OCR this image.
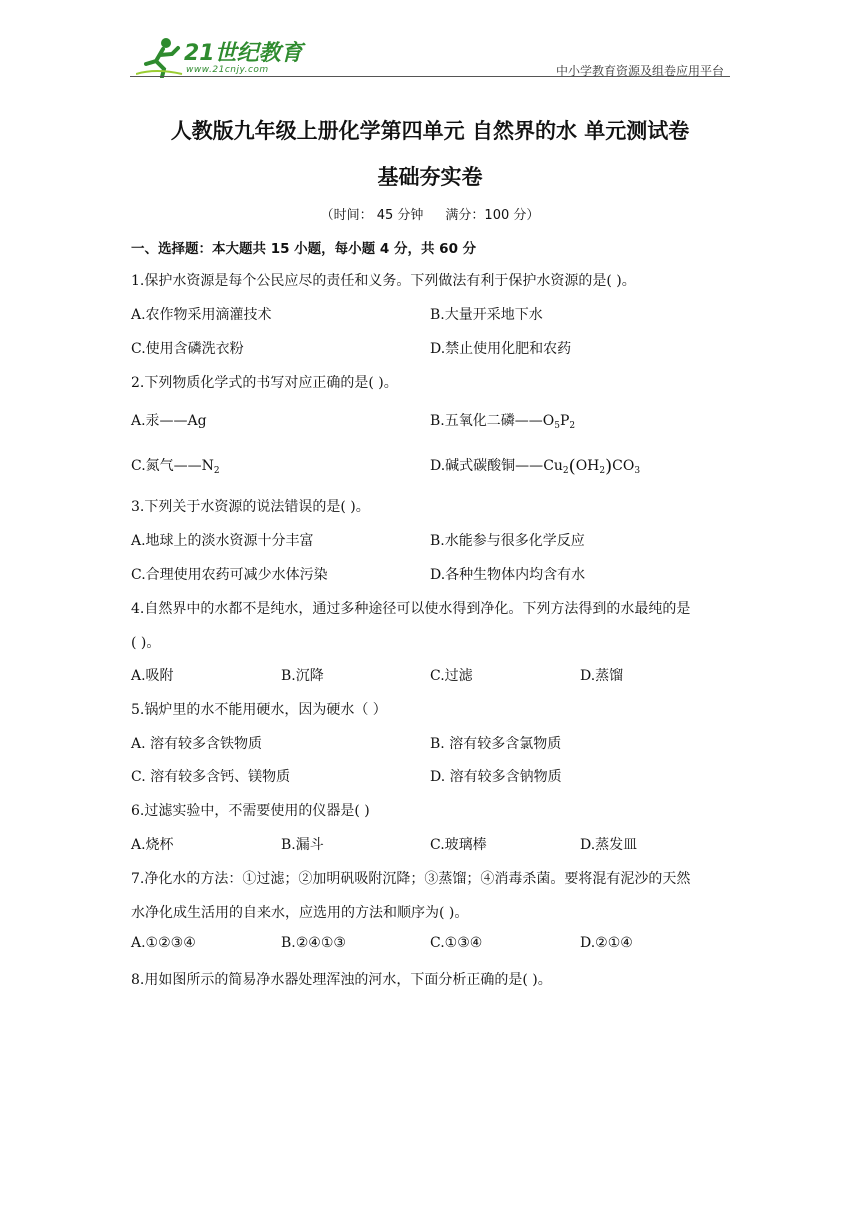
21世纪教育
www.21cnjy.com	中小学教育资源及组卷应用平台
人教版九年级上册化学第四单元 自然界的水 单元测试卷
基础夯实卷
（时间： 45 分钟 满分：100 分）
一、选择题：本大题共 15 小题，每小题 4 分，共 60 分
1.保护水资源是每个公民应尽的责任和义务。下列做法有利于保护水资源的是( )。
A.农作物采用滴灌技术	B.大量开采地下水
C.使用含磷洗衣粉	D.禁止使用化肥和农药
2.下列物质化学式的书写对应正确的是( )。
A.汞——Ag	B.五氧化二磷$——O_5P_2$
C.氮气$——N_2$	D.碱式碳酸铜$——Cu_2(OH_2)CO_3$
3.下列关于水资源的说法错误的是( )。
A.地球上的淡水资源十分丰富	B.水能参与很多化学反应
C.合理使用农药可减少水体污染	D.各种生物体内均含有水
4.自然界中的水都不是纯水，通过多种途径可以使水得到净化。下列方法得到的水最纯的是
( )。
A.吸附	B.沉降	C.过滤	D.蒸馏
5.锅炉里的水不能用硬水，因为硬水（ ）
A. 溶有较多含铁物质	B. 溶有较多含氯物质
C. 溶有较多含钙、镁物质	D. 溶有较多含钠物质
6.过滤实验中，不需要使用的仪器是( )
A.烧杯	B.漏斗	C.玻璃棒	D.蒸发皿
7.净化水的方法：①过滤；②加明矾吸附沉降；③蒸馏；④消毒杀菌。要将混有泥沙的天然
水净化成生活用的自来水，应选用的方法和顺序为( )。
A.①②③④	B.②④①③	C.①③④	D.②①④
8.用如图所示的简易净水器处理浑浊的河水，下面分析正确的是( )。
